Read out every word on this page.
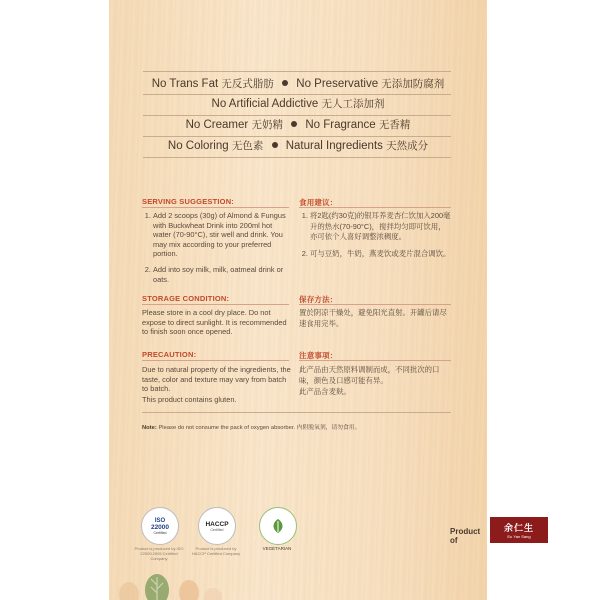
No Trans Fat 无反式脂肪 No Preservative 无添加防腐剂
No Artificial Addictive 无人工添加剂
No Creamer 无奶精 No Fragrance 无香精
No Coloring 无色素 Natural Ingredients 天然成分
SERVING SUGGESTION:	食用建议：
1. Add 2 scoops (30g) of Almond & Fungus with Buckwheat Drink into 200ml hot water (70-90°C), stir well and drink. You may mix according to your preferred portion.
2. Add into soy milk, milk, oatmeal drink or oats.
1. 将2匙(约30克)的银耳养麦杏仁饮加入200毫升的热水(70-90°C)，搅拌均匀即可饮用，亦可依个人喜好调整浓稠度。
2. 可与豆奶，牛奶，燕麦饮或麦片混合调饮。
STORAGE CONDITION:	保存方法：
Please store in a cool dry place. Do not expose to direct sunlight. It is recommended to finish soon once opened.
置於阴凉干燥处，避免阳光直射。开罐后请尽速食用完毕。
PRECAUTION:	注意事项：
Due to natural property of the ingredients, the taste, color and texture may vary from batch to batch.
This product contains gluten.
此产品由天然原料调制而成，不同批次的口味，颜色及口感可能有异。
此产品含麦麸。
Note: Please do not consume the pack of oxygen absorber. 内附脱氧剂，请勿食用。
ISO
22000
Certified
Product is produced by ISO 22000:2005 Certified Company
HACCP
Certified
Product is produced by HACCP Certified Company
VEGETARIAN
Product of
余仁生
Eu Yan Sang
